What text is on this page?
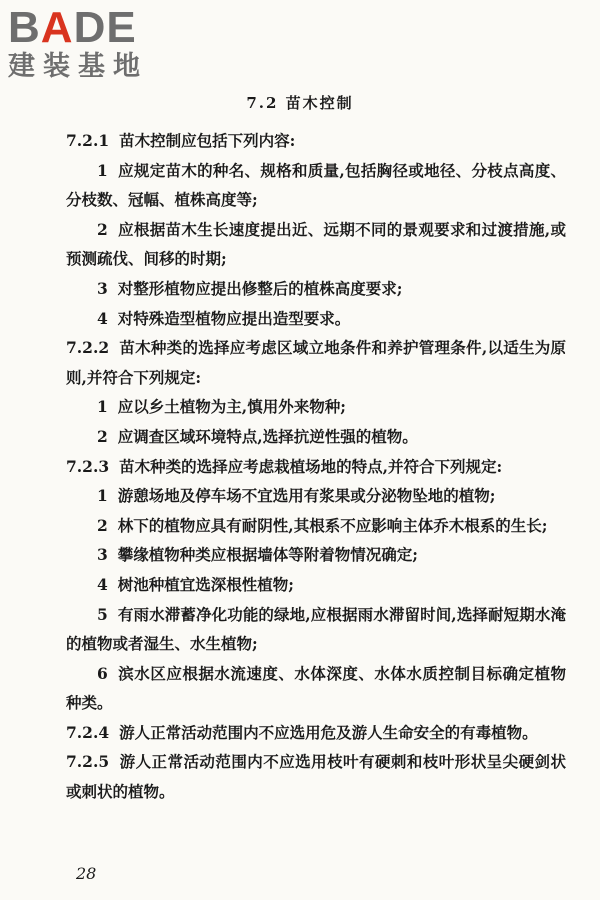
BADE
建装基地
7.2 苗木控制

7.2.1 苗木控制应包括下列内容:

1 应规定苗木的种名、规格和质量,包括胸径或地径、分枝点高度、分枝数、冠幅、植株高度等;

2 应根据苗木生长速度提出近、远期不同的景观要求和过渡措施,或预测疏伐、间移的时期;

3 对整形植物应提出修整后的植株高度要求;

4 对特殊造型植物应提出造型要求。

7.2.2 苗木种类的选择应考虑区域立地条件和养护管理条件,以适生为原则,并符合下列规定:

1 应以乡土植物为主,慎用外来物种;

2 应调查区域环境特点,选择抗逆性强的植物。

7.2.3 苗木种类的选择应考虑栽植场地的特点,并符合下列规定:

1 游憩场地及停车场不宜选用有浆果或分泌物坠地的植物;

2 林下的植物应具有耐阴性,其根系不应影响主体乔木根系的生长;

3 攀缘植物种类应根据墙体等附着物情况确定;

4 树池种植宜选深根性植物;

5 有雨水滞蓄净化功能的绿地,应根据雨水滞留时间,选择耐短期水淹的植物或者湿生、水生植物;

6 滨水区应根据水流速度、水体深度、水体水质控制目标确定植物种类。

7.2.4 游人正常活动范围内不应选用危及游人生命安全的有毒植物。

7.2.5 游人正常活动范围内不应选用枝叶有硬刺和枝叶形状呈尖硬剑状或刺状的植物。

28
